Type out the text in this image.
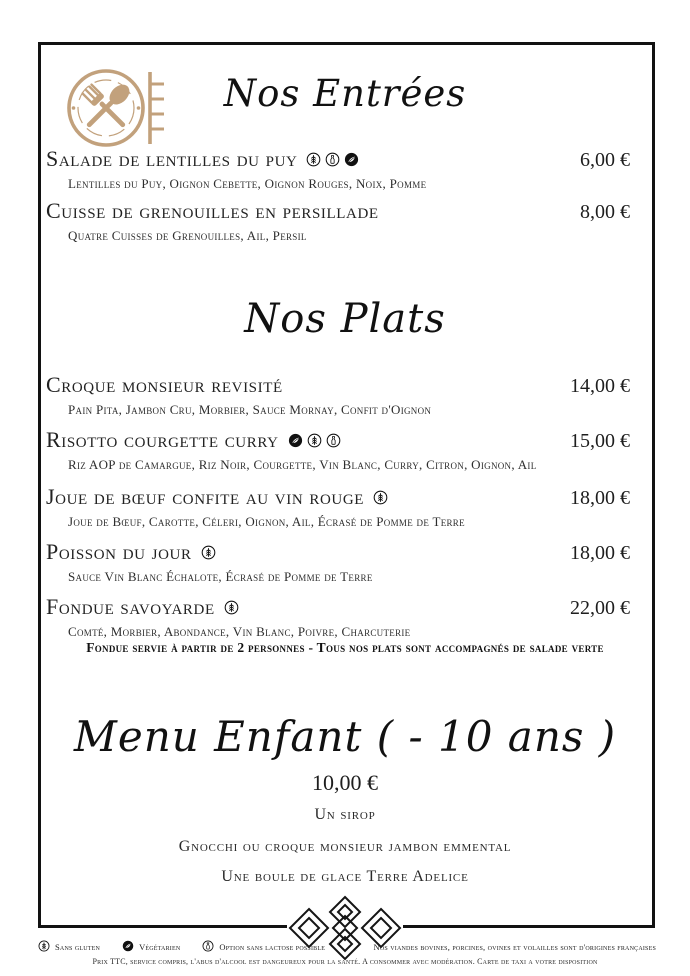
Nos Entrées
Salade de lentilles du puy	6,00 €
Lentilles du Puy, Oignon Cebette, Oignon Rouges, Noix, Pomme
Cuisse de grenouilles en persillade	8,00 €
Quatre Cuisses de Grenouilles, Ail, Persil
Nos Plats
Croque monsieur revisité	14,00 €
Pain Pita, Jambon Cru, Morbier, Sauce Mornay, Confit d'Oignon
Risotto courgette curry	15,00 €
Riz AOP de Camargue, Riz Noir, Courgette, Vin Blanc, Curry, Citron, Oignon, Ail
Joue de bœuf confite au vin rouge	18,00 €
Joue de Bœuf, Carotte, Céleri, Oignon, Ail, Écrasé de Pomme de Terre
Poisson du jour	18,00 €
Sauce Vin Blanc Échalote, Écrasé de Pomme de Terre
Fondue savoyarde	22,00 €
Comté, Morbier, Abondance, Vin Blanc, Poivre, Charcuterie
Fondue servie à partir de 2 personnes - Tous nos plats sont accompagnés de salade verte
Menu Enfant ( - 10 ans )
10,00 €
Un sirop
Gnocchi ou croque monsieur jambon emmental
Une boule de glace Terre Adelice
Sans gluten	Végétarien	Option sans lactose possible	Nos viandes bovines, porcines, ovines et volailles sont d'origines françaises
Prix TTC, service compris, l'abus d'alcool est dangeureux pour la santé. A consommer avec modération. Carte de taxi a votre disposition
